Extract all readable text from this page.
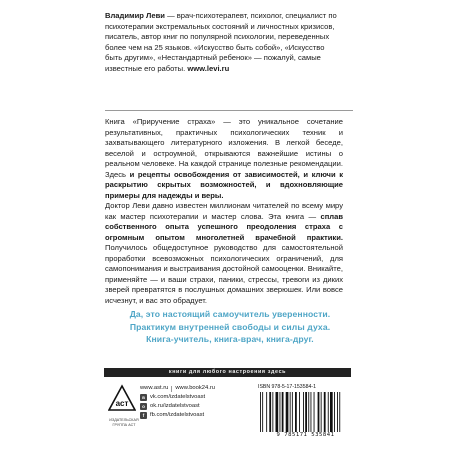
Владимир Леви — врач-психотерапевт, психолог, специалист по психотерапии экстремальных состояний и личностных кризисов, писатель, автор книг по популярной психологии, переведенных более чем на 25 языков. «Искусство быть собой», «Искусство быть другим», «Нестандартный ребенок» — пожалуй, самые известные его работы. www.levi.ru

Книга «Приручение страха» — это уникальное сочетание результативных, практичных психологических техник и захватывающего литературного изложения. В легкой беседе, веселой и остроумной, открываются важнейшие истины о реальном человеке. На каждой странице полезные рекомендации. Здесь и рецепты освобождения от зависимостей, и ключи к раскрытию скрытых возможностей, и вдохновляющие примеры для надежды и веры.

Доктор Леви давно известен миллионам читателей по всему миру как мастер психотерапии и мастер слова. Эта книга — сплав собственного опыта успешного преодоления страха с огромным опытом многолетней врачебной практики. Получилось общедоступное руководство для самостоятельной проработки всевозможных психологических ограничений, для самопонимания и выстраивания достойной самооценки. Вникайте, применяйте — и ваши страхи, паники, стрессы, тревоги из диких зверей превратятся в послушных домашних зверюшек. Или вовсе исчезнут, и вас это обрадует.

Да, это настоящий самоучитель уверенности.
Практикум внутренней свободы и силы духа.
Книга-учитель, книга-врач, книга-друг.
книги для любого настроения здесь
аст
ИЗДАТЕЛЬСКАЯ ГРУППА АСТ
www.ast.ru www.book24.ru
в vk.com/izdatelstvoast
о ok.ru/izdatelstvoast
f fb.com/izdatelstvoast
ISBN 978-5-17-153584-1
9 785171 535841
